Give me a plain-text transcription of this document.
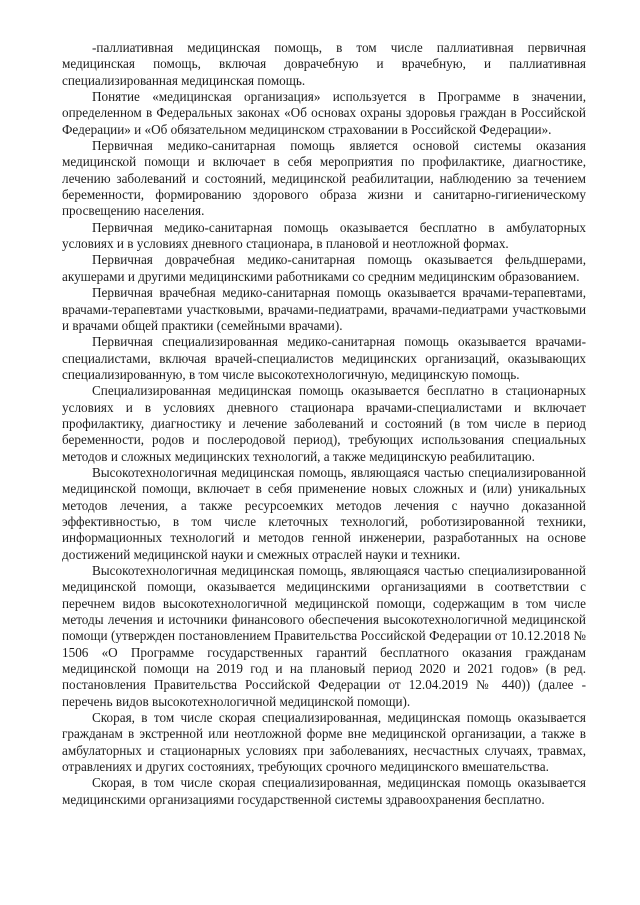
-паллиативная медицинская помощь, в том числе паллиативная первичная медицинская помощь, включая доврачебную и врачебную, и паллиативная специализированная медицинская помощь.

Понятие «медицинская организация» используется в Программе в значении, определенном в Федеральных законах «Об основах охраны здоровья граждан в Российской Федерации» и «Об обязательном медицинском страховании в Российской Федерации».

Первичная медико-санитарная помощь является основой системы оказания медицинской помощи и включает в себя мероприятия по профилактике, диагностике, лечению заболеваний и состояний, медицинской реабилитации, наблюдению за течением беременности, формированию здорового образа жизни и санитарно-гигиеническому просвещению населения.

Первичная медико-санитарная помощь оказывается бесплатно в амбулаторных условиях и в условиях дневного стационара, в плановой и неотложной формах.

Первичная доврачебная медико-санитарная помощь оказывается фельдшерами, акушерами и другими медицинскими работниками со средним медицинским образованием.

Первичная врачебная медико-санитарная помощь оказывается врачами-терапевтами, врачами-терапевтами участковыми, врачами-педиатрами, врачами-педиатрами участковыми и врачами общей практики (семейными врачами).

Первичная специализированная медико-санитарная помощь оказывается врачами-специалистами, включая врачей-специалистов медицинских организаций, оказывающих специализированную, в том числе высокотехнологичную, медицинскую помощь.

Специализированная медицинская помощь оказывается бесплатно в стационарных условиях и в условиях дневного стационара врачами-специалистами и включает профилактику, диагностику и лечение заболеваний и состояний (в том числе в период беременности, родов и послеродовой период), требующих использования специальных методов и сложных медицинских технологий, а также медицинскую реабилитацию.

Высокотехнологичная медицинская помощь, являющаяся частью специализированной медицинской помощи, включает в себя применение новых сложных и (или) уникальных методов лечения, а также ресурсоемких методов лечения с научно доказанной эффективностью, в том числе клеточных технологий, роботизированной техники, информационных технологий и методов генной инженерии, разработанных на основе достижений медицинской науки и смежных отраслей науки и техники.

Высокотехнологичная медицинская помощь, являющаяся частью специализированной медицинской помощи, оказывается медицинскими организациями в соответствии с перечнем видов высокотехнологичной медицинской помощи, содержащим в том числе методы лечения и источники финансового обеспечения высокотехнологичной медицинской помощи (утвержден постановлением Правительства Российской Федерации от 10.12.2018 № 1506 «О Программе государственных гарантий бесплатного оказания гражданам медицинской помощи на 2019 год и на плановый период 2020 и 2021 годов» (в ред. постановления Правительства Российской Федерации от 12.04.2019 № 440)) (далее - перечень видов высокотехнологичной медицинской помощи).

Скорая, в том числе скорая специализированная, медицинская помощь оказывается гражданам в экстренной или неотложной форме вне медицинской организации, а также в амбулаторных и стационарных условиях при заболеваниях, несчастных случаях, травмах, отравлениях и других состояниях, требующих срочного медицинского вмешательства.

Скорая, в том числе скорая специализированная, медицинская помощь оказывается медицинскими организациями государственной системы здравоохранения бесплатно.
